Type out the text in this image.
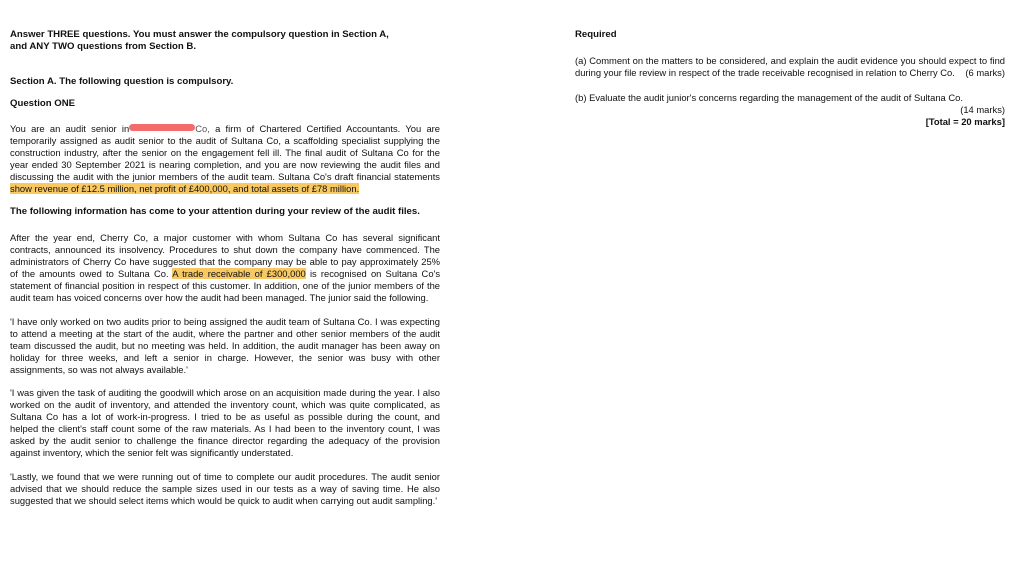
Answer THREE questions. You must answer the compulsory question in Section A,

and ANY TWO questions from Section B.

Section A. The following question is compulsory.

Question ONE

You are an audit senior in	Co, a firm of Chartered Certified Accountants. You are temporarily assigned as audit senior to the audit of Sultana Co, a scaffolding specialist supplying the construction industry, after the senior on the engagement fell ill. The final audit of Sultana Co for the year ended 30 September 2021 is nearing completion, and you are now reviewing the audit files and discussing the audit with the junior members of the audit team. Sultana Co's draft financial statements show revenue of £12.5 million, net profit of £400,000, and total assets of £78 million.

The following information has come to your attention during your review of the audit files.

After the year end, Cherry Co, a major customer with whom Sultana Co has several significant contracts, announced its insolvency. Procedures to shut down the company have commenced. The administrators of Cherry Co have suggested that the company may be able to pay approximately 25% of the amounts owed to Sultana Co. A trade receivable of £300,000 is recognised on Sultana Co's statement of financial position in respect of this customer. In addition, one of the junior members of the audit team has voiced concerns over how the audit had been managed. The junior said the following.

'I have only worked on two audits prior to being assigned the audit team of Sultana Co. I was expecting to attend a meeting at the start of the audit, where the partner and other senior members of the audit team discussed the audit, but no meeting was held. In addition, the audit manager has been away on holiday for three weeks, and left a senior in charge. However, the senior was busy with other assignments, so was not always available.'

'I was given the task of auditing the goodwill which arose on an acquisition made during the year. I also worked on the audit of inventory, and attended the inventory count, which was quite complicated, as Sultana Co has a lot of work-in-progress. I tried to be as useful as possible during the count, and helped the client's staff count some of the raw materials. As I had been to the inventory count, I was asked by the audit senior to challenge the finance director regarding the adequacy of the provision against inventory, which the senior felt was significantly understated.

'Lastly, we found that we were running out of time to complete our audit procedures. The audit senior advised that we should reduce the sample sizes used in our tests as a way of saving time. He also suggested that we should select items which would be quick to audit when carrying out audit sampling.'

Required

(a) Comment on the matters to be considered, and explain the audit evidence you should expect to find during your file review in respect of the trade receivable recognised in relation to Cherry Co. (6 marks)

(b) Evaluate the audit junior's concerns regarding the management of the audit of Sultana Co.

(14 marks)

[Total = 20 marks]
